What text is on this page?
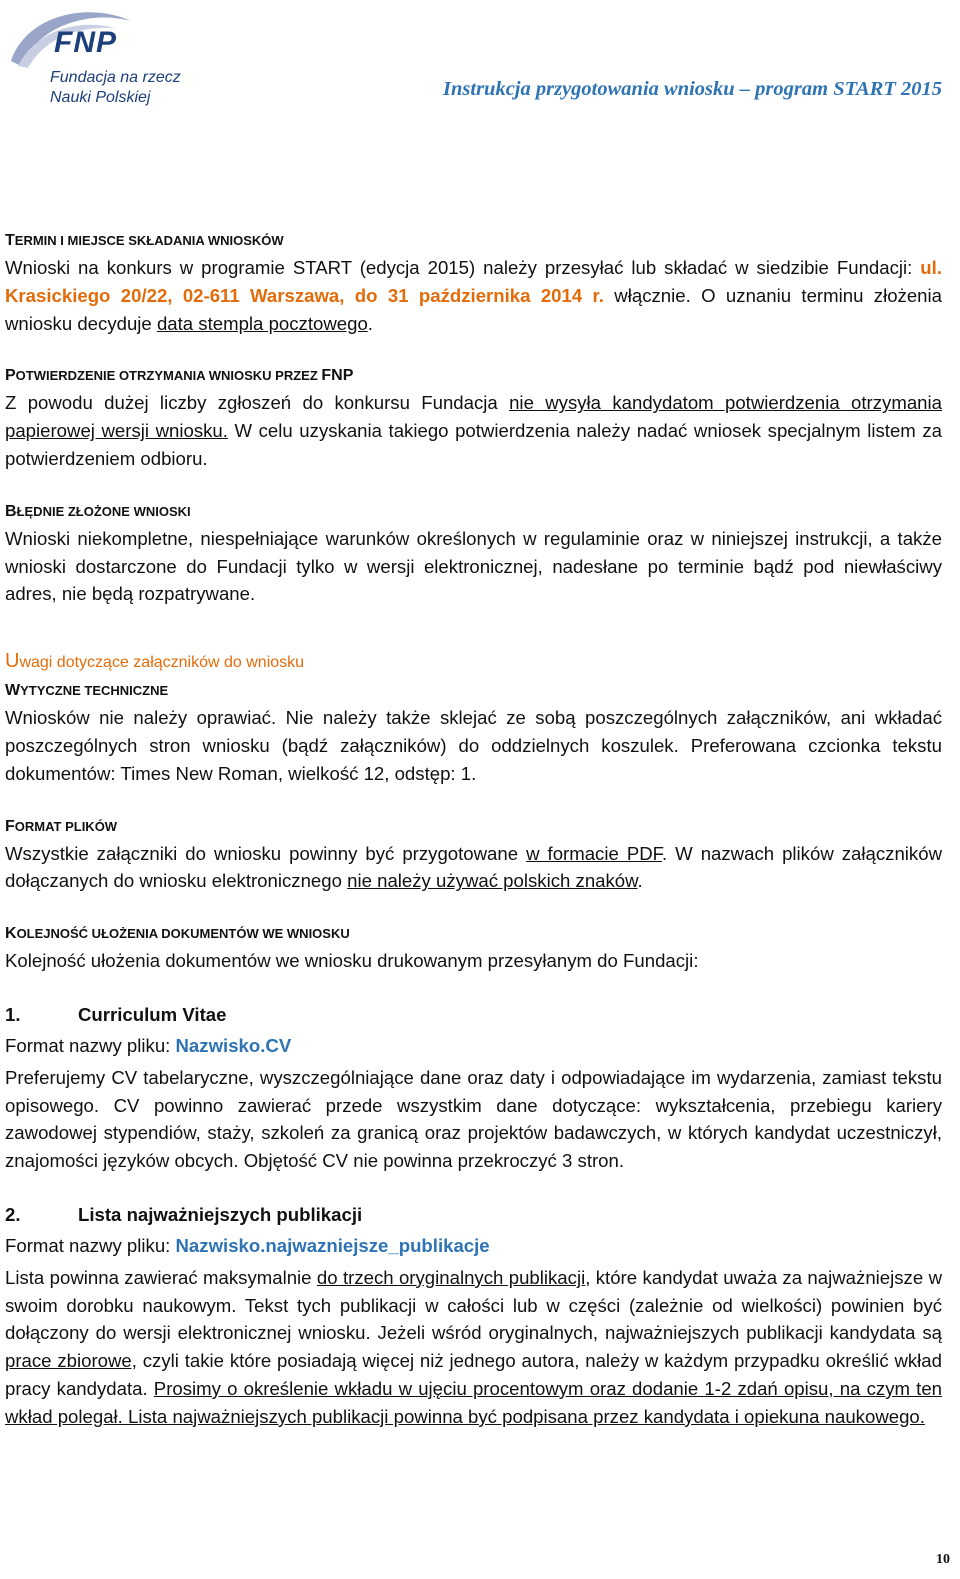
FNP
Fundacja na rzecz
Nauki Polskiej	Instrukcja przygotowania wniosku – program START 2015
TERMIN I MIEJSCE SKŁADANIA WNIOSKÓW

Wnioski na konkurs w programie START (edycja 2015) należy przesyłać lub składać w siedzibie Fundacji: ul. Krasickiego 20/22, 02-611 Warszawa, do 31 października 2014 r. włącznie. O uznaniu terminu złożenia wniosku decyduje data stempla pocztowego.

POTWIERDZENIE OTRZYMANIA WNIOSKU PRZEZ FNP

Z powodu dużej liczby zgłoszeń do konkursu Fundacja nie wysyła kandydatom potwierdzenia otrzymania papierowej wersji wniosku. W celu uzyskania takiego potwierdzenia należy nadać wniosek specjalnym listem za potwierdzeniem odbioru.

BŁĘDNIE ZŁOŻONE WNIOSKI

Wnioski niekompletne, niespełniające warunków określonych w regulaminie oraz w niniejszej instrukcji, a także wnioski dostarczone do Fundacji tylko w wersji elektronicznej, nadesłane po terminie bądź pod niewłaściwy adres, nie będą rozpatrywane.

Uwagi dotyczące załączników do wniosku
WYTYCZNE TECHNICZNE

Wniosków nie należy oprawiać. Nie należy także sklejać ze sobą poszczególnych załączników, ani wkładać poszczególnych stron wniosku (bądź załączników) do oddzielnych koszulek. Preferowana czcionka tekstu dokumentów: Times New Roman, wielkość 12, odstęp: 1.

FORMAT PLIKÓW

Wszystkie załączniki do wniosku powinny być przygotowane w formacie PDF. W nazwach plików załączników dołączanych do wniosku elektronicznego nie należy używać polskich znaków.

KOLEJNOŚĆ UŁOŻENIA DOKUMENTÓW WE WNIOSKU

Kolejność ułożenia dokumentów we wniosku drukowanym przesyłanym do Fundacji:

1.	Curriculum Vitae

Format nazwy pliku: Nazwisko.CV

Preferujemy CV tabelaryczne, wyszczególniające dane oraz daty i odpowiadające im wydarzenia, zamiast tekstu opisowego. CV powinno zawierać przede wszystkim dane dotyczące: wykształcenia, przebiegu kariery zawodowej stypendiów, staży, szkoleń za granicą oraz projektów badawczych, w których kandydat uczestniczył, znajomości języków obcych. Objętość CV nie powinna przekroczyć 3 stron.

2.	Lista najważniejszych publikacji

Format nazwy pliku: Nazwisko.najwazniejsze_publikacje

Lista powinna zawierać maksymalnie do trzech oryginalnych publikacji, które kandydat uważa za najważniejsze w swoim dorobku naukowym. Tekst tych publikacji w całości lub w części (zależnie od wielkości) powinien być dołączony do wersji elektronicznej wniosku. Jeżeli wśród oryginalnych, najważniejszych publikacji kandydata są prace zbiorowe, czyli takie które posiadają więcej niż jednego autora, należy w każdym przypadku określić wkład pracy kandydata. Prosimy o określenie wkładu w ujęciu procentowym oraz dodanie 1-2 zdań opisu, na czym ten wkład polegał. Lista najważniejszych publikacji powinna być podpisana przez kandydata i opiekuna naukowego.

10
